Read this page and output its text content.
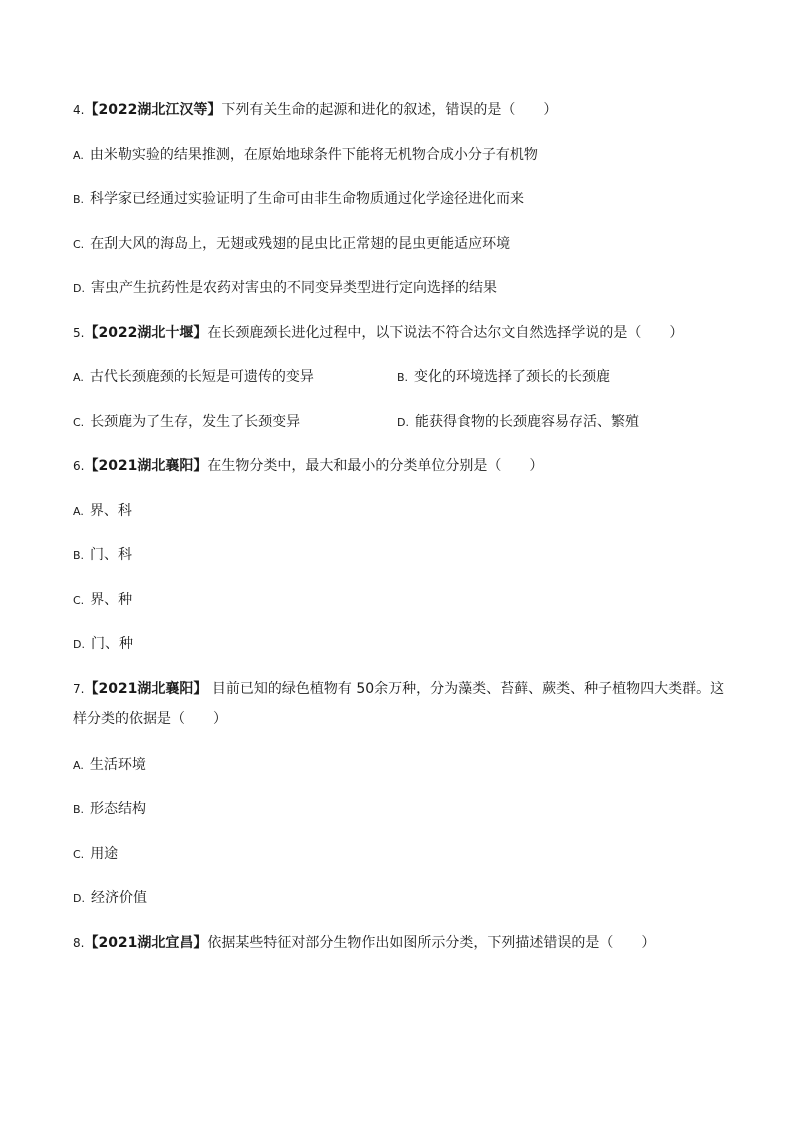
4.【2022湖北江汉等】下列有关生命的起源和进化的叙述，错误的是（　　）
A. 由米勒实验的结果推测，在原始地球条件下能将无机物合成小分子有机物
B. 科学家已经通过实验证明了生命可由非生命物质通过化学途径进化而来
C. 在刮大风的海岛上，无翅或残翅的昆虫比正常翅的昆虫更能适应环境
D. 害虫产生抗药性是农药对害虫的不同变异类型进行定向选择的结果
5.【2022湖北十堰】在长颈鹿颈长进化过程中，以下说法不符合达尔文自然选择学说的是（　　）
A. 古代长颈鹿颈的长短是可遗传的变异	B. 变化的环境选择了颈长的长颈鹿
C. 长颈鹿为了生存，发生了长颈变异	D. 能获得食物的长颈鹿容易存活、繁殖
6.【2021湖北襄阳】在生物分类中，最大和最小的分类单位分别是（　　）
A. 界、科
B. 门、科
C. 界、种
D. 门、种
7.【2021湖北襄阳】 目前已知的绿色植物有 50余万种，分为藻类、苔藓、蕨类、种子植物四大类群。这
样分类的依据是（　　）
A. 生活环境
B. 形态结构
C. 用途
D. 经济价值
8.【2021湖北宜昌】依据某些特征对部分生物作出如图所示分类，下列描述错误的是（　　）
